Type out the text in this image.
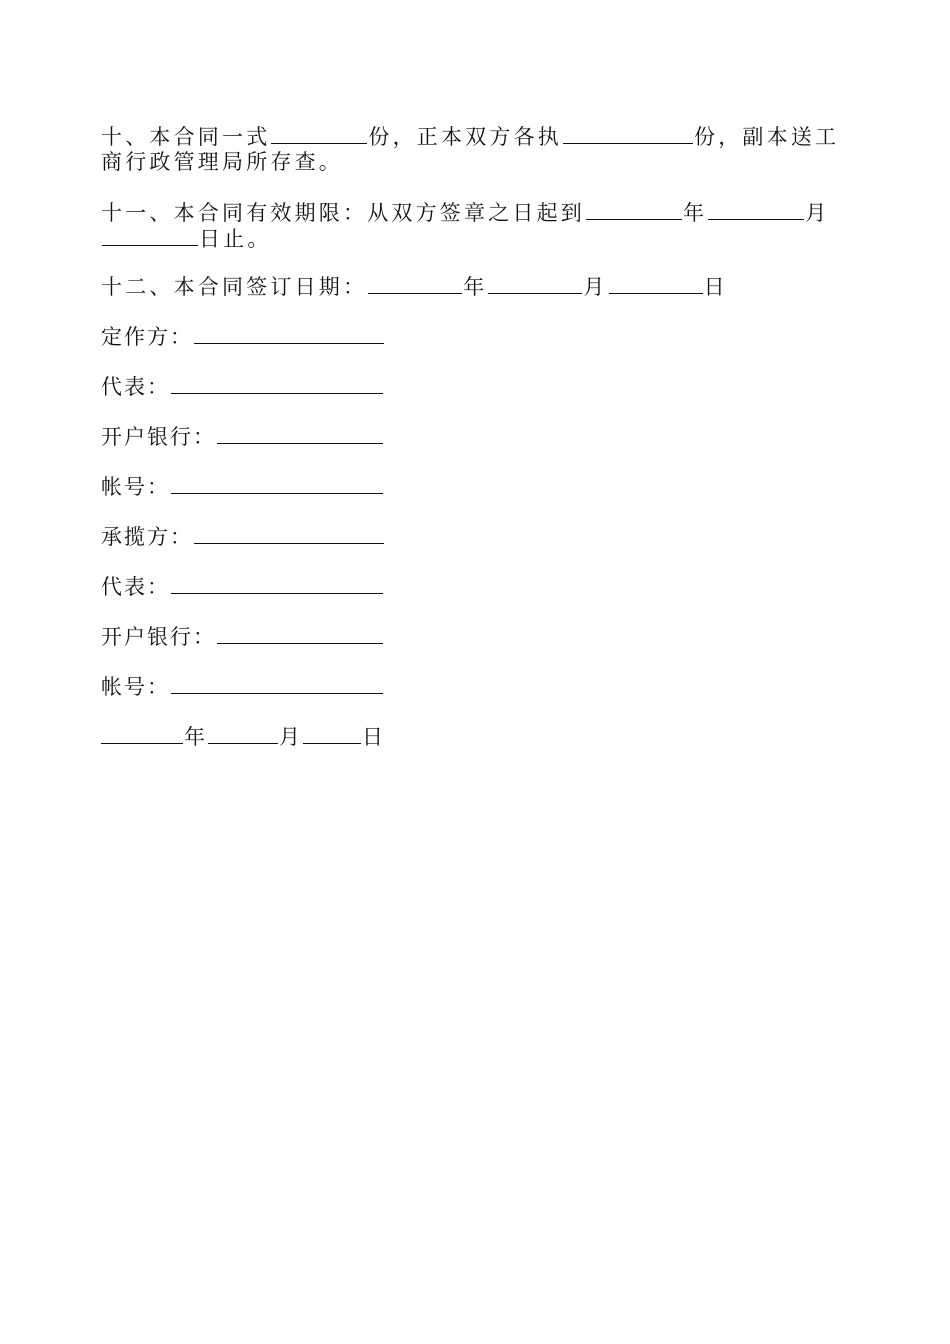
十、本合同一式	份，正本双方各执	份，副本送工商行政管理局所存查。

十一、本合同有效期限：从双方签章之日起到	年	月日止。

十二、本合同签订日期：	年	月	日

定作方：

代表：

开户银行：

帐号：

承揽方：

代表：

开户银行：

帐号：

年	月	日
